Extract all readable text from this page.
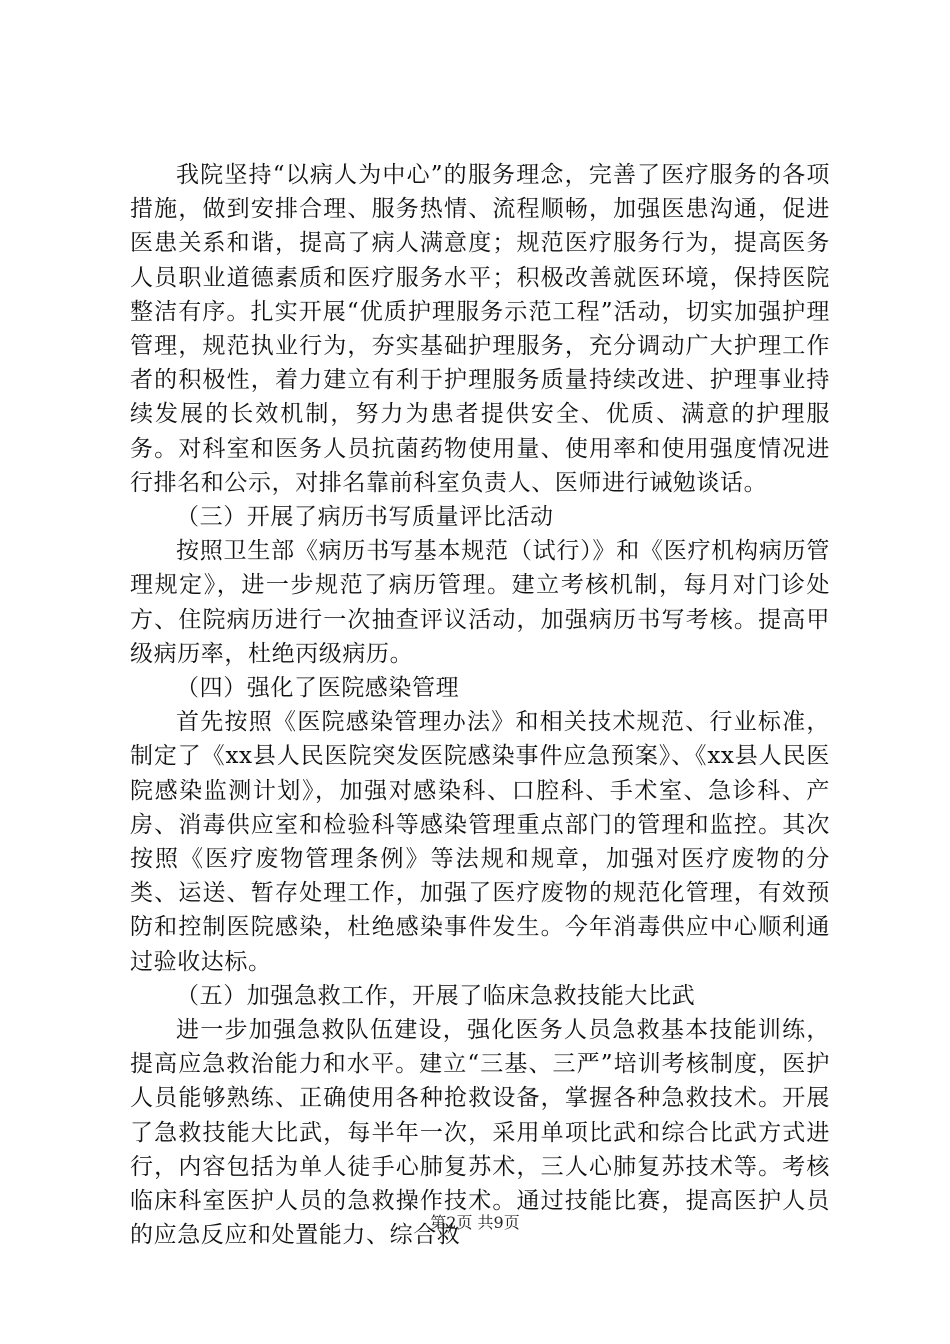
我院坚持“以病人为中心”的服务理念，完善了医疗服务的各项措施，做到安排合理、服务热情、流程顺畅，加强医患沟通，促进医患关系和谐，提高了病人满意度；规范医疗服务行为，提高医务人员职业道德素质和医疗服务水平；积极改善就医环境，保持医院整洁有序。扎实开展“优质护理服务示范工程”活动，切实加强护理管理，规范执业行为，夯实基础护理服务，充分调动广大护理工作者的积极性，着力建立有利于护理服务质量持续改进、护理事业持续发展的长效机制，努力为患者提供安全、优质、满意的护理服务。对科室和医务人员抗菌药物使用量、使用率和使用强度情况进行排名和公示，对排名靠前科室负责人、医师进行诫勉谈话。

（三）开展了病历书写质量评比活动

按照卫生部《病历书写基本规范（试行）》和《医疗机构病历管理规定》，进一步规范了病历管理。建立考核机制，每月对门诊处方、住院病历进行一次抽查评议活动，加强病历书写考核。提高甲级病历率，杜绝丙级病历。

（四）强化了医院感染管理

首先按照《医院感染管理办法》和相关技术规范、行业标准，制定了《xx县人民医院突发医院感染事件应急预案》、《xx县人民医院感染监测计划》，加强对感染科、口腔科、手术室、急诊科、产房、消毒供应室和检验科等感染管理重点部门的管理和监控。其次按照《医疗废物管理条例》等法规和规章，加强对医疗废物的分类、运送、暂存处理工作，加强了医疗废物的规范化管理，有效预防和控制医院感染，杜绝感染事件发生。今年消毒供应中心顺利通过验收达标。

（五）加强急救工作，开展了临床急救技能大比武

进一步加强急救队伍建设，强化医务人员急救基本技能训练，提高应急救治能力和水平。建立“三基、三严”培训考核制度，医护人员能够熟练、正确使用各种抢救设备，掌握各种急救技术。开展了急救技能大比武，每半年一次，采用单项比武和综合比武方式进行，内容包括为单人徒手心肺复苏术，三人心肺复苏技术等。考核临床科室医护人员的急救操作技术。通过技能比赛，提高医护人员的应急反应和处置能力、综合救

第2页 共9页
